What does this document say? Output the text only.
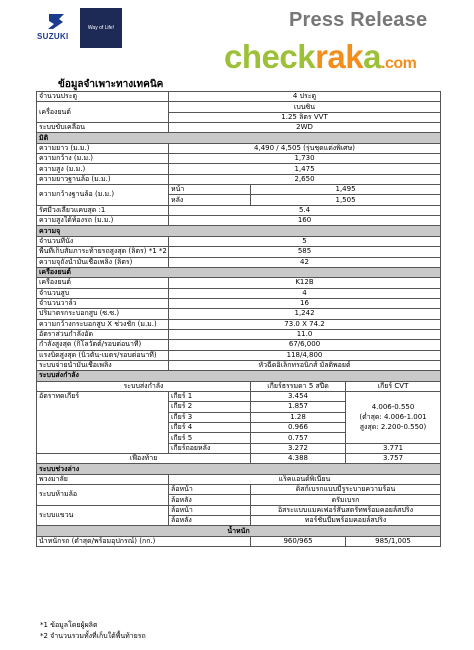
SUZUKI
Way of Life!	Press Release
checkraka.com
ข้อมูลจำเพาะทางเทคนิค
จำนวนประตู	4 ประตู		
เครื่องยนต์	เบนซิน		
	1.25 ลิตร VVT		
ระบบขับเคลื่อน	2WD		
มิติ			
ความยาว (ม.ม.)	4,490 / 4,505 (รุ่นชุดแต่งพิเศษ)		
ความกว้าง (ม.ม.)	1,730		
ความสูง (ม.ม.)	1,475		
ความยาวฐานล้อ (ม.ม.)	2,650		
ความกว้างฐานล้อ (ม.ม.)	หน้า	1,495	
	หลัง	1,505	
รัศมีวงเลี้ยวแคบสุด :1	5.4		
ความสูงใต้ท้องรถ (ม.ม.)	160		
ความจุ			
จำนวนที่นั่ง	5		
พื้นที่เก็บสัมภาระท้ายรถสูงสุด (ลิตร) *1 *2	585		
ความจุถังน้ำมันเชื้อเพลิง (ลิตร)	42		
เครื่องยนต์			
เครื่องยนต์	K12B		
จำนวนสูบ	4		
จำนวนวาล์ว	16		
ปริมาตรกระบอกสูบ (ซ.ซ.)	1,242		
ความกว้างกระบอกสูบ X ช่วงชัก (ม.ม.)	73.0 X 74.2		
อัตราส่วนกำลังอัด	11.0		
กำลังสูงสุด (กิโลวัตต์/รอบต่อนาที)	67/6,000		
แรงบิดสูงสุด (นิวตัน-เมตร/รอบต่อนาที)	118/4,800		
ระบบจ่ายน้ำมันเชื้อเพลิง	หัวฉีดอิเล็กทรอนิกส์ มัลติพอยต์		
ระบบส่งกำลัง			
ระบบส่งกำลัง		เกียร์ธรรมดา 5 สปีด	เกียร์ CVT
อัตราทดเกียร์	เกียร์ 1	3.454	4.006-0.550
(ต่ำสุด: 4.006-1.001
สูงสุด: 2.200-0.550)

	เกียร์ 2	1.857	
	เกียร์ 3	1.28	
	เกียร์ 4	0.966	
	เกียร์ 5	0.757	
	เกียร์ถอยหลัง	3.272	3.771
เฟืองท้าย		4.388	3.757
ระบบช่วงล่าง			
พวงมาลัย	แร็คแอนด์พิเนียน		
ระบบห้ามล้อ	ล้อหน้า	ดิสก์เบรกแบบมีรูระบายความร้อน	
	ล้อหลัง	ดรัมเบรก	
ระบบแขวน	ล้อหน้า	อิสระแบบแมคเฟอร์สันสตรัทพร้อมคอยล์สปริง	
	ล้อหลัง	ทอร์ชั่นบีมพร้อมคอยล์สปริง	
น้ำหนัก			
น้ำหนักรถ (ต่ำสุด/พร้อมอุปกรณ์) (กก.)		960/965	985/1,005
*1 ข้อมูลโดยผู้ผลิต
*2 จำนวนรวมทั้งที่เก็บใต้พื้นท้ายรถ
